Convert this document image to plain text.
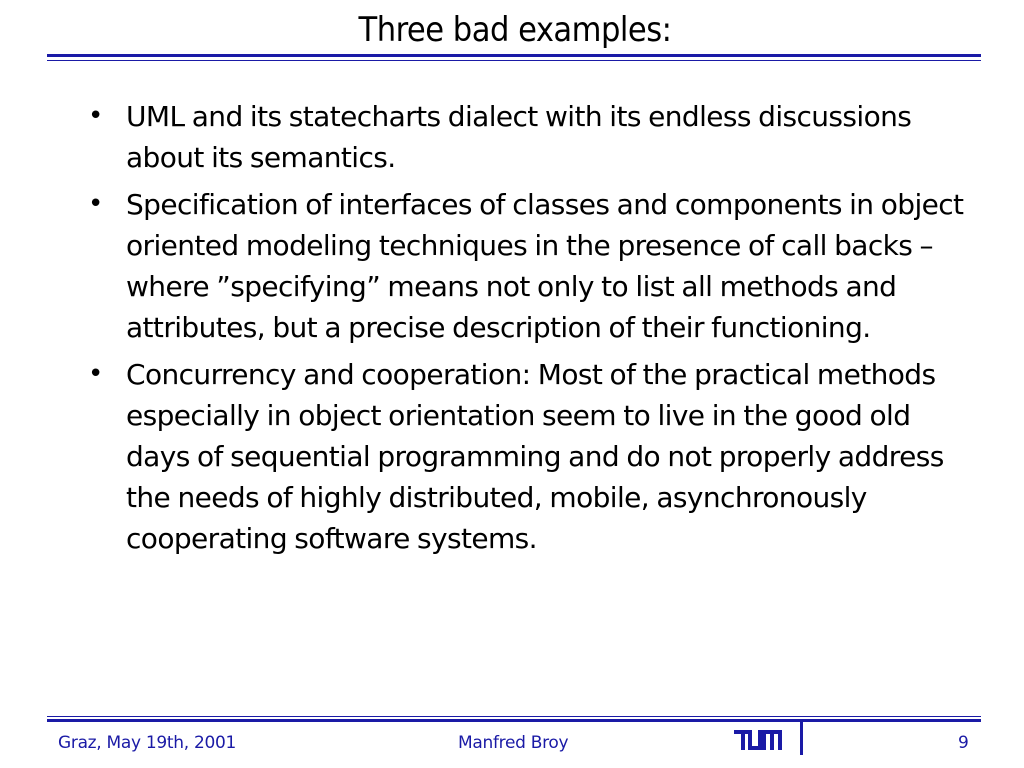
Three bad examples:
• UML and its statecharts dialect with its endless discussions about its semantics.
• Specification of interfaces of classes and components in object oriented modeling techniques in the presence of call backs – where ”specifying” means not only to list all methods and attributes, but a precise description of their functioning.
• Concurrency and cooperation: Most of the practical methods especially in object orientation seem to live in the good old days of sequential programming and do not properly address the needs of highly distributed, mobile, asynchronously cooperating software systems.
Graz, May 19th, 2001	Manfred Broy	9
